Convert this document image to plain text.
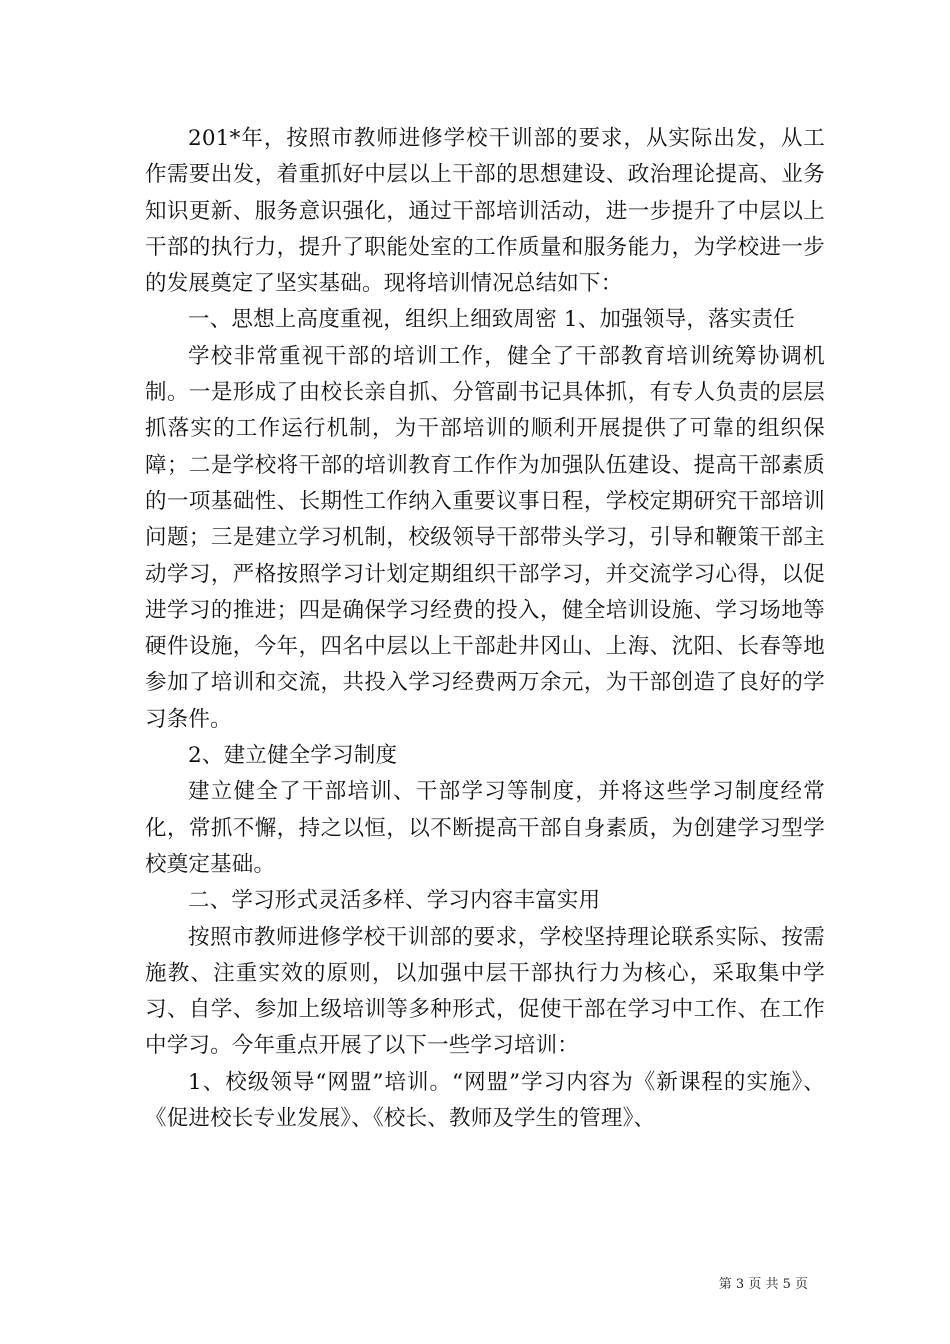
201*年，按照市教师进修学校干训部的要求，从实际出发，从工作需要出发，着重抓好中层以上干部的思想建设、政治理论提高、业务知识更新、服务意识强化，通过干部培训活动，进一步提升了中层以上干部的执行力，提升了职能处室的工作质量和服务能力，为学校进一步的发展奠定了坚实基础。现将培训情况总结如下：

一、思想上高度重视，组织上细致周密 1、加强领导，落实责任

学校非常重视干部的培训工作，健全了干部教育培训统筹协调机制。一是形成了由校长亲自抓、分管副书记具体抓，有专人负责的层层抓落实的工作运行机制，为干部培训的顺利开展提供了可靠的组织保障；二是学校将干部的培训教育工作作为加强队伍建设、提高干部素质的一项基础性、长期性工作纳入重要议事日程，学校定期研究干部培训问题；三是建立学习机制，校级领导干部带头学习，引导和鞭策干部主动学习，严格按照学习计划定期组织干部学习，并交流学习心得，以促进学习的推进；四是确保学习经费的投入，健全培训设施、学习场地等硬件设施，今年，四名中层以上干部赴井冈山、上海、沈阳、长春等地参加了培训和交流，共投入学习经费两万余元，为干部创造了良好的学习条件。

2、建立健全学习制度

建立健全了干部培训、干部学习等制度，并将这些学习制度经常化，常抓不懈，持之以恒，以不断提高干部自身素质，为创建学习型学校奠定基础。

二、学习形式灵活多样、学习内容丰富实用

按照市教师进修学校干训部的要求，学校坚持理论联系实际、按需施教、注重实效的原则，以加强中层干部执行力为核心，采取集中学习、自学、参加上级培训等多种形式，促使干部在学习中工作、在工作中学习。今年重点开展了以下一些学习培训：

1、校级领导“网盟”培训。“网盟”学习内容为《新课程的实施》、《促进校长专业发展》、《校长、教师及学生的管理》、

第 3 页 共 5 页
